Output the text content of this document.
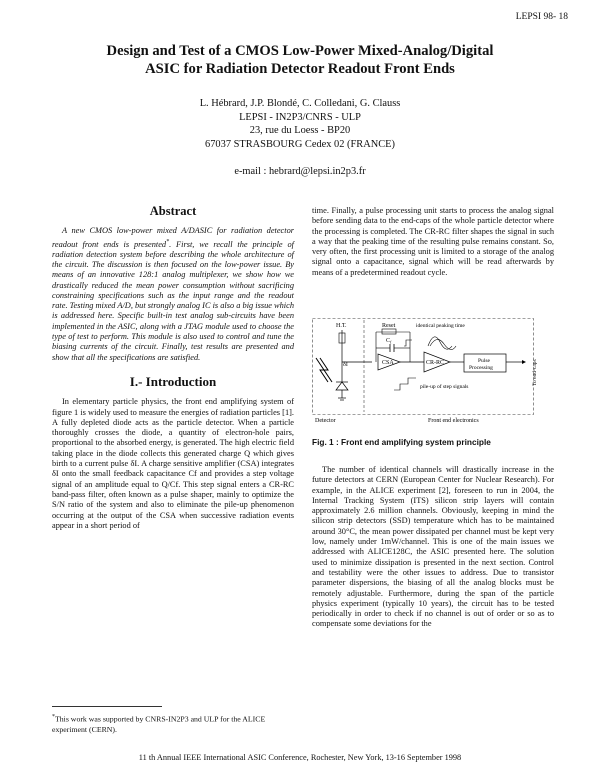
LEPSI 98- 18
Design and Test of a CMOS Low-Power Mixed-Analog/Digital
ASIC for Radiation Detector Readout Front Ends
L. Hébrard, J.P. Blondé, C. Colledani, G. Clauss
LEPSI - IN2P3/CNRS - ULP
23, rue du Loess - BP20
67037 STRASBOURG Cedex 02 (FRANCE)
e-mail : hebrard@lepsi.in2p3.fr
Abstract

A new CMOS low-power mixed A/DASIC for radiation detector readout front ends is presented*. First, we recall the principle of radiation detection system before describing the whole architecture of the circuit. The discussion is then focused on the low-power issue. By means of an innovative 128:1 analog multiplexer, we show how we drastically reduced the mean power consumption without sacrificing constraining specifications such as the input range and the readout rate. Testing mixed A/D, but strongly analog IC is also a big issue which is addressed here. Specific built-in test analog sub-circuits have been implemented in the ASIC, along with a JTAG module used to choose the type of test to perform. This module is also used to control and tune the biasing currents of the circuit. Finally, test results are presented and show that all the specifications are satisfied.

I.- Introduction

In elementary particle physics, the front end amplifying system of figure 1 is widely used to measure the energies of radiation particles [1]. A fully depleted diode acts as the particle detector. When a particle thoroughly crosses the diode, a quantity of electron-hole pairs, proportional to the absorbed energy, is generated. The high electric field taking place in the diode collects this generated charge Q which gives birth to a current pulse δI. A charge sensitive amplifier (CSA) integrates δI onto the small feedback capacitance Cf and provides a step voltage signal of an amplitude equal to Q/Cf. This step signal enters a CR-RC band-pass filter, often known as a pulse shaper, mainly to optimize the S/N ratio of the system and also to eliminate the pile-up phenomenon occurring at the output of the CSA when successive radiation events appear in a short period of

*This work was supported by CNRS-IN2P3 and ULP for the ALICE experiment (CERN).

time. Finally, a pulse processing unit starts to process the analog signal before sending data to the end-caps of the whole particle detector where the processing is completed. The CR-RC filter shapes the signal in such a way that the peaking time of the resulting pulse remains constant. So, very often, the first processing unit is limited to a storage of the analog signal onto a capacitance, signal which will be read afterwards by means of a predetermined readout cycle.

H.T.
δI
Detector
Reset
$C_f$
CSA	CR-RC
identical peaking time
Pulse
Processing	To end-caps
pile-up of step signals
Front end electronics
Fig. 1 : Front end amplifying system principle

The number of identical channels will drastically increase in the future detectors at CERN (European Center for Nuclear Research). For example, in the ALICE experiment [2], foreseen to run in 2004, the Internal Tracking System (ITS) silicon strip layers will contain approximately 2.6 million channels. Obviously, keeping in mind the silicon strip detectors (SSD) temperature which has to be maintained around 30°C, the mean power dissipated per channel must be kept very low, namely under 1mW/channel. This is one of the main issues we addressed with ALICE128C, the ASIC presented here. The solution used to minimize dissipation is presented in the next section. Control and testability were the other issues to address. Due to transistor parameter dispersions, the biasing of all the analog blocks must be remotely adjustable. Furthermore, during the span of the particle physics experiment (typically 10 years), the circuit has to be tested periodically in order to check if no channel is out of order or so as to compensate some deviations for the

11 th Annual IEEE International ASIC Conference, Rochester, New York, 13-16 September 1998
